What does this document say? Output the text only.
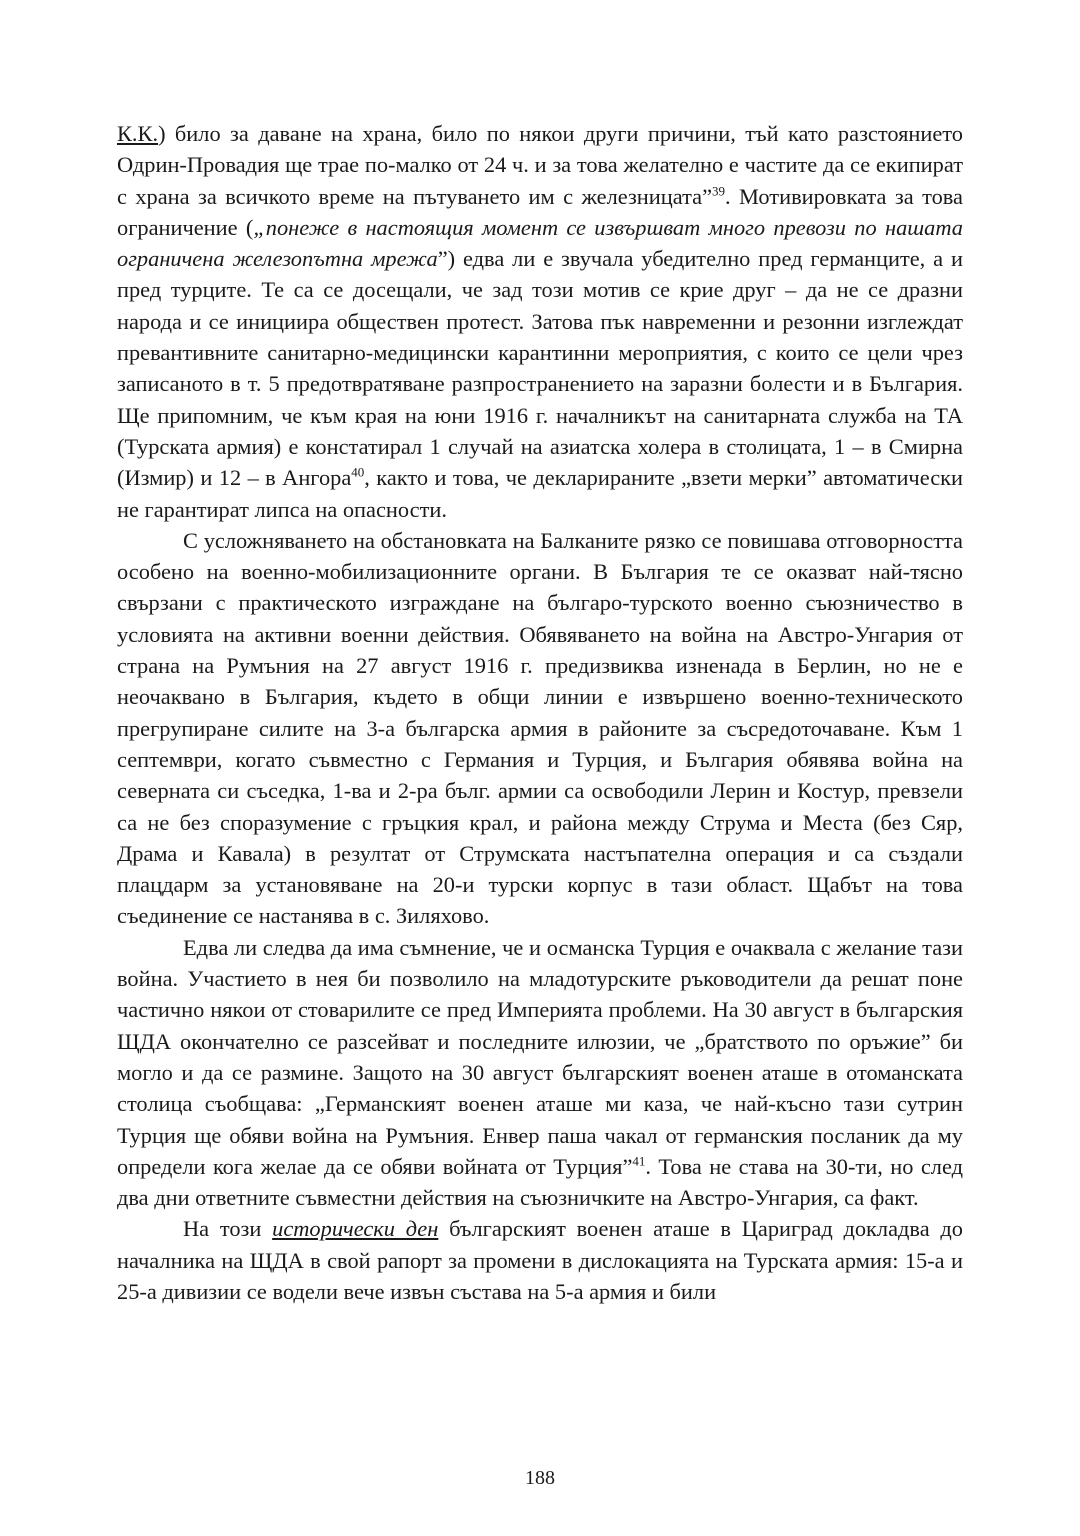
К.К.) било за даване на храна, било по някои други причини, тъй като разстоянието Одрин-Провадия ще трае по-малко от 24 ч. и за това желателно е частите да се екипират с храна за всичкото време на пътуването им с железницата”$^{39}$. Мотивировката за това ограничение („понеже в настоящия момент се извършват много превози по нашата ограничена железопътна мрежа”) едва ли е звучала убедително пред германците, а и пред турците. Те са се досещали, че зад този мотив се крие друг – да не се дразни народа и се инициира обществен протест. Затова пък навременни и резонни изглеждат превантивните санитарно-медицински карантинни мероприятия, с които се цели чрез записаното в т. 5 предотвратяване разпространението на заразни болести и в България. Ще припомним, че към края на юни 1916 г. началникът на санитарната служба на ТА (Турската армия) е констатирал 1 случай на азиатска холера в столицата, 1 – в Смирна (Измир) и 12 – в Ангора$^{40}$, както и това, че декларираните „взети мерки” автоматически не гарантират липса на опасности.

С усложняването на обстановката на Балканите рязко се повишава отговорността особено на военно-мобилизационните органи. В България те се оказват най-тясно свързани с практическото изграждане на българо-турското военно съюзничество в условията на активни военни действия. Обявяването на война на Австро-Унгария от страна на Румъния на 27 август 1916 г. предизвиква изненада в Берлин, но не е неочаквано в България, където в общи линии е извършено военно-техническото прегрупиране силите на 3-а българска армия в районите за съсредоточаване. Към 1 септември, когато съвместно с Германия и Турция, и България обявява война на северната си съседка, 1-ва и 2-ра бълг. армии са освободили Лерин и Костур, превзели са не без споразумение с гръцкия крал, и района между Струма и Места (без Сяр, Драма и Кавала) в резултат от Струмската настъпателна операция и са създали плацдарм за установяване на 20-и турски корпус в тази област. Щабът на това съединение се настанява в с. Зиляхово.

Едва ли следва да има съмнение, че и османска Турция е очаквала с желание тази война. Участието в нея би позволило на младотурските ръководители да решат поне частично някои от стоварилите се пред Империята проблеми. На 30 август в българския ЩДА окончателно се разсейват и последните илюзии, че „братството по оръжие” би могло и да се размине. Защото на 30 август българският военен аташе в отоманската столица съобщава: „Германският военен аташе ми каза, че най-късно тази сутрин Турция ще обяви война на Румъния. Енвер паша чакал от германския посланик да му определи кога желае да се обяви войната от Турция”$^{41}$. Това не става на 30-ти, но след два дни ответните съвместни действия на съюзничките на Австро-Унгария, са факт.

На този исторически ден българският военен аташе в Цариград докладва до началника на ЩДА в свой рапорт за промени в дислокацията на Турската армия: 15-а и 25-а дивизии се водели вече извън състава на 5-а армия и били

188
